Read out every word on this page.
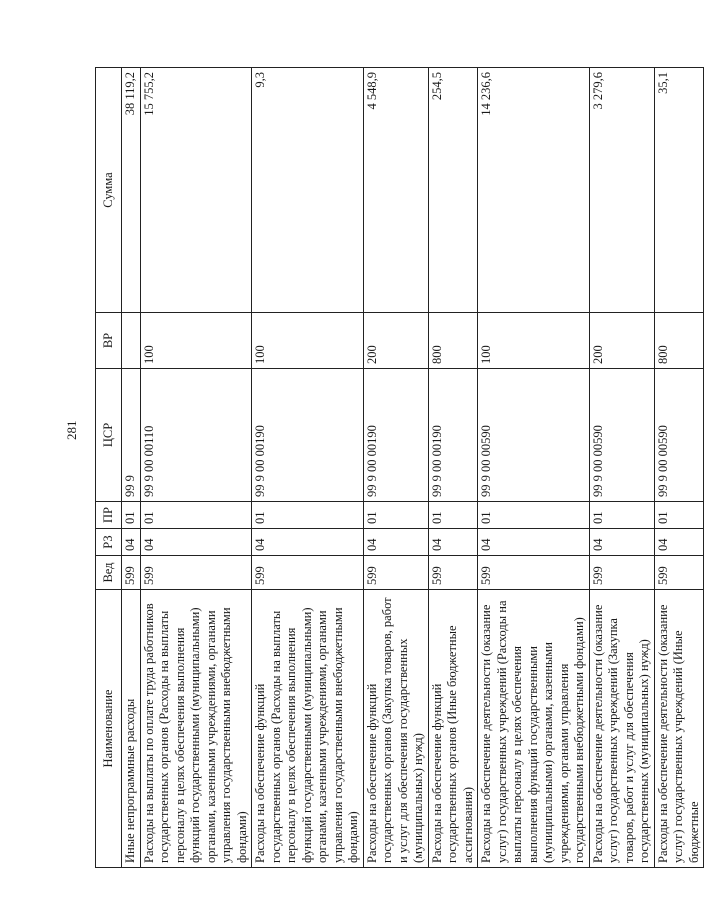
281
Наименование	Вед	РЗ	ПР	ЦСР	ВР	Сумма
Иные непрограммные расходы	599	04	01	99 9		38 119,2
Расходы на выплаты по оплате труда работников государственных органов (Расходы на выплаты персоналу в целях обеспечения выполнения функций государственными (муниципальными) органами, казенными учреждениями, органами управления государственными внебюджетными фондами)	599	04	01	99 9 00 00110	100	15 755,2
Расходы на обеспечение функций государственных органов (Расходы на выплаты персоналу в целях обеспечения выполнения функций государственными (муниципальными) органами, казенными учреждениями, органами управления государственными внебюджетными фондами)	599	04	01	99 9 00 00190	100	9,3
Расходы на обеспечение функций государственных органов (Закупка товаров, работ и услуг для обеспечения государственных (муниципальных) нужд)	599	04	01	99 9 00 00190	200	4 548,9
Расходы на обеспечение функций государственных органов (Иные бюджетные ассигнования)	599	04	01	99 9 00 00190	800	254,5
Расходы на обеспечение деятельности (оказание услуг) государственных учреждений (Расходы на выплаты персоналу в целях обеспечения выполнения функций государственными (муниципальными) органами, казенными учреждениями, органами управления государственными внебюджетными фондами)	599	04	01	99 9 00 00590	100	14 236,6
Расходы на обеспечение деятельности (оказание услуг) государственных учреждений (Закупка товаров, работ и услуг для обеспечения государственных (муниципальных) нужд)	599	04	01	99 9 00 00590	200	3 279,6
Расходы на обеспечение деятельности (оказание услуг) государственных учреждений (Иные бюджетные	599	04	01	99 9 00 00590	800	35,1
